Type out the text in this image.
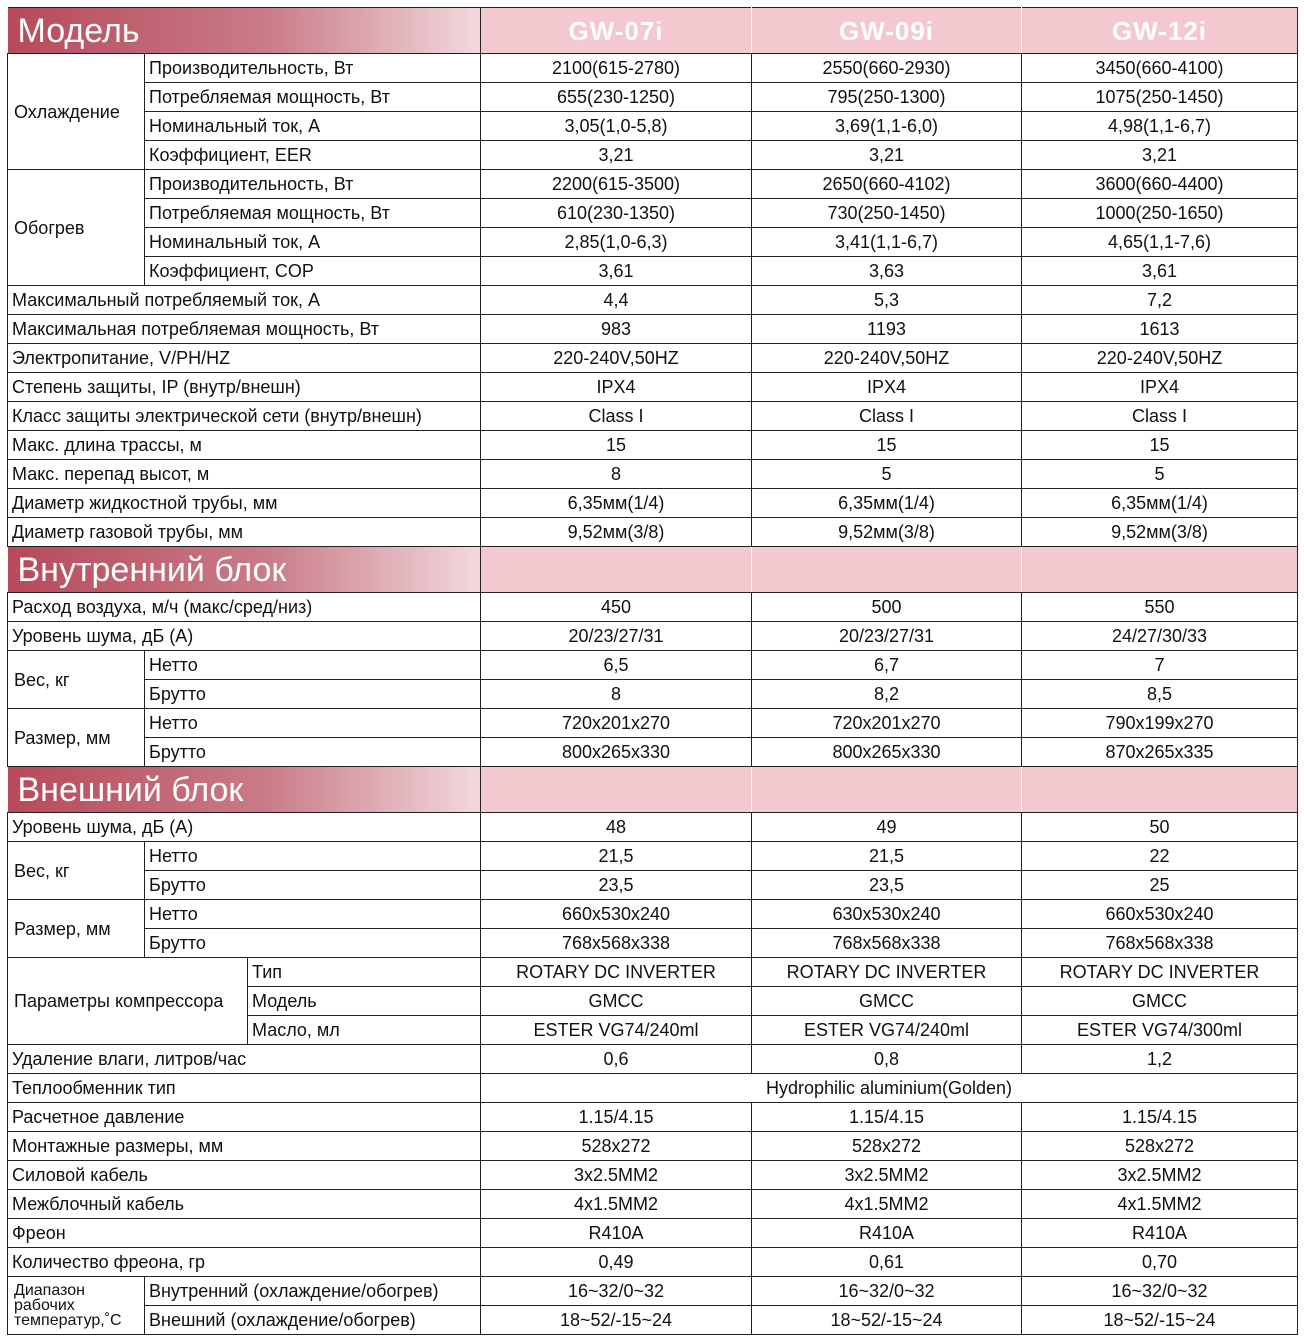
Модель			GW-07i	GW-09i	GW-12i
Охлаждение	Производительность, Вт		2100(615-2780)	2550(660-2930)	3450(660-4100)
	Потребляемая мощность, Вт		655(230-1250)	795(250-1300)	1075(250-1450)
	Номинальный ток, А		3,05(1,0-5,8)	3,69(1,1-6,0)	4,98(1,1-6,7)
	Коэффициент, EER		3,21	3,21	3,21
Обогрев	Производительность, Вт		2200(615-3500)	2650(660-4102)	3600(660-4400)
	Потребляемая мощность, Вт		610(230-1350)	730(250-1450)	1000(250-1650)
	Номинальный ток, А		2,85(1,0-6,3)	3,41(1,1-6,7)	4,65(1,1-7,6)
	Коэффициент, COP		3,61	3,63	3,61
Максимальный потребляемый ток, А			4,4	5,3	7,2
Максимальная потребляемая мощность, Вт			983	1193	1613
Электропитание, V/PH/HZ			220-240V,50HZ	220-240V,50HZ	220-240V,50HZ
Степень защиты, IP (внутр/внешн)			IPX4	IPX4	IPX4
Класс защиты электрической сети (внутр/внешн)			Class I	Class I	Class I
Макс. длина трассы, м			15	15	15
Макс. перепад высот, м			8	5	5
Диаметр жидкостной трубы, мм			6,35мм(1/4)	6,35мм(1/4)	6,35мм(1/4)
Диаметр газовой трубы, мм			9,52мм(3/8)	9,52мм(3/8)	9,52мм(3/8)
Внутренний блок					
Расход воздуха, м/ч (макс/сред/низ)			450	500	550
Уровень шума, дБ (А)			20/23/27/31	20/23/27/31	24/27/30/33
Вес, кг	Нетто		6,5	6,7	7
	Брутто		8	8,2	8,5
Размер, мм	Нетто		720x201x270	720x201x270	790x199x270
	Брутто		800x265x330	800x265x330	870x265x335
Внешний блок					
Уровень шума, дБ (А)			48	49	50
Вес, кг	Нетто		21,5	21,5	22
	Брутто		23,5	23,5	25
Размер, мм	Нетто		660x530x240	630x530x240	660x530x240
	Брутто		768x568x338	768x568x338	768x568x338
Параметры компрессора		Тип	ROTARY DC INVERTER	ROTARY DC INVERTER	ROTARY DC INVERTER
		Модель	GMCC	GMCC	GMCC
		Масло, мл	ESTER VG74/240ml	ESTER VG74/240ml	ESTER VG74/300ml
Удаление влаги, литров/час			0,6	0,8	1,2
Теплообменник тип			Hydrophilic aluminium(Golden)		
Расчетное давление			1.15/4.15	1.15/4.15	1.15/4.15
Монтажные размеры, мм			528x272	528x272	528x272
Силовой кабель			3x2.5MM2	3x2.5MM2	3x2.5MM2
Межблочный кабель			4x1.5MM2	4x1.5MM2	4x1.5MM2
Фреон			R410A	R410A	R410A
Количество фреона, гр			0,49	0,61	0,70
Диапазон
рабочих
температур,˚С	Внутренний (охлаждение/обогрев)		16~32/0~32	16~32/0~32	16~32/0~32
	Внешний (охлаждение/обогрев)		18~52/-15~24	18~52/-15~24	18~52/-15~24
